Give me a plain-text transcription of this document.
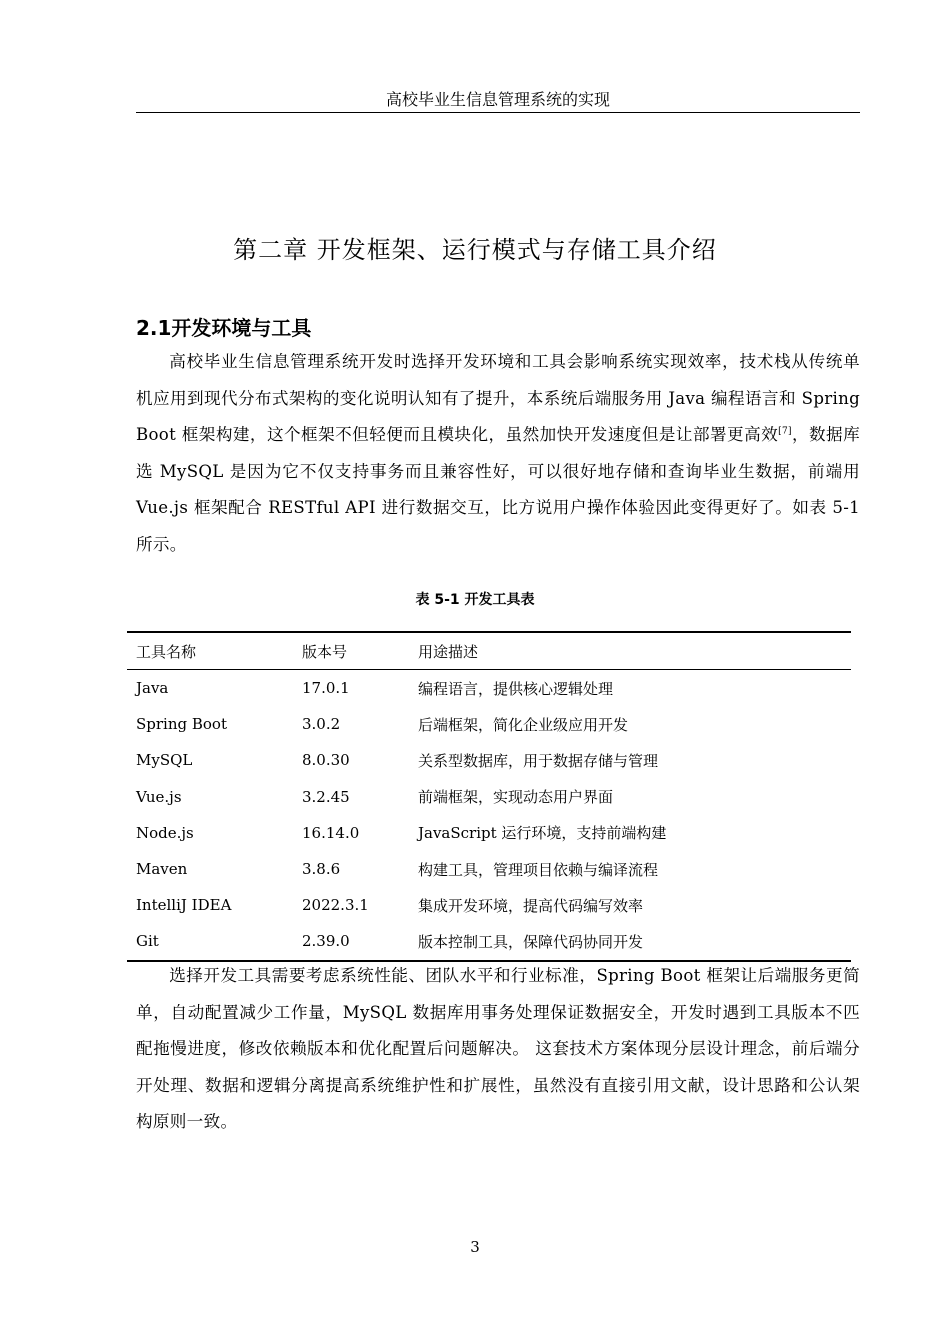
高校毕业生信息管理系统的实现
第二章 开发框架、运行模式与存储工具介绍
2.1开发环境与工具

高校毕业生信息管理系统开发时选择开发环境和工具会影响系统实现效率，技术栈从传统单机应用到现代分布式架构的变化说明认知有了提升，本系统后端服务用 Java 编程语言和 Spring Boot 框架构建，这个框架不但轻便而且模块化，虽然加快开发速度但是让部署更高效[7]，数据库选 MySQL 是因为它不仅支持事务而且兼容性好，可以很好地存储和查询毕业生数据，前端用 Vue.js 框架配合 RESTful API 进行数据交互，比方说用户操作体验因此变得更好了。如表 5-1 所示。

表 5-1 开发工具表
工具名称	版本号	用途描述
Java	17.0.1	编程语言，提供核心逻辑处理
Spring Boot	3.0.2	后端框架，简化企业级应用开发
MySQL	8.0.30	关系型数据库，用于数据存储与管理
Vue.js	3.2.45	前端框架，实现动态用户界面
Node.js	16.14.0	JavaScript 运行环境，支持前端构建
Maven	3.8.6	构建工具，管理项目依赖与编译流程
IntelliJ IDEA	2022.3.1	集成开发环境，提高代码编写效率
Git	2.39.0	版本控制工具，保障代码协同开发

选择开发工具需要考虑系统性能、团队水平和行业标准，Spring Boot 框架让后端服务更简单，自动配置减少工作量，MySQL 数据库用事务处理保证数据安全，开发时遇到工具版本不匹配拖慢进度，修改依赖版本和优化配置后问题解决。 这套技术方案体现分层设计理念，前后端分开处理、数据和逻辑分离提高系统维护性和扩展性，虽然没有直接引用文献，设计思路和公认架构原则一致。

3
